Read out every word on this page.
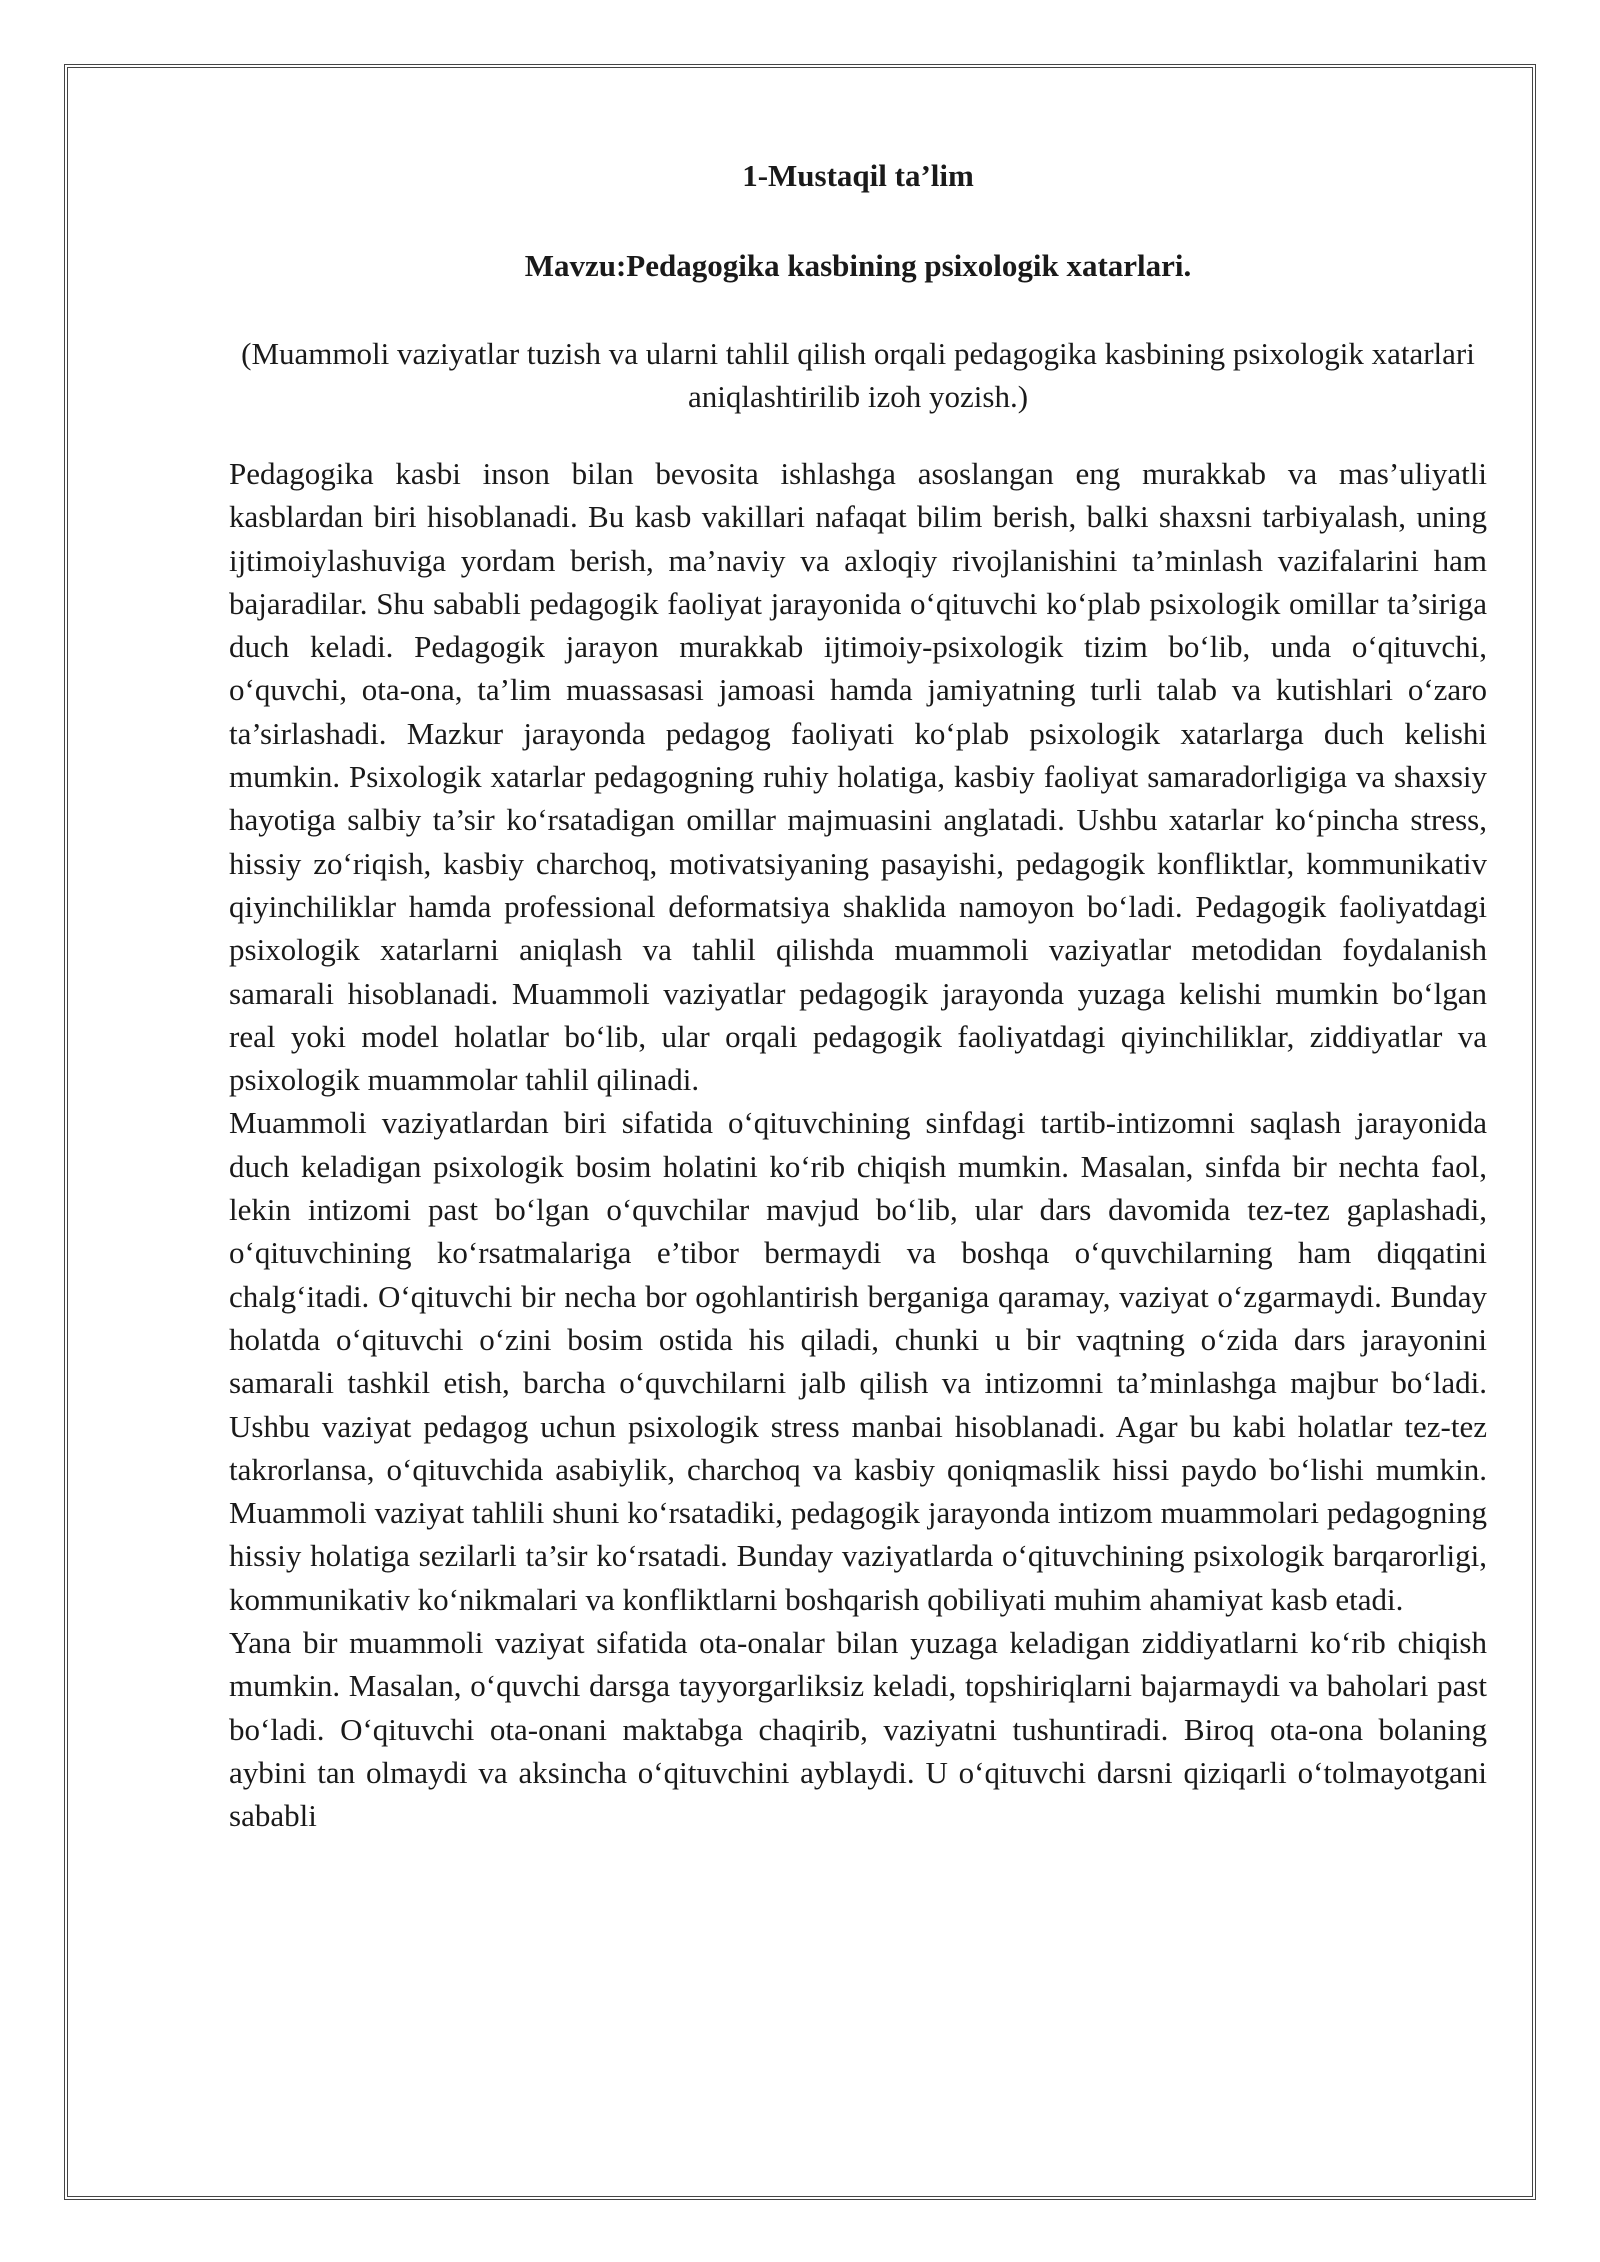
1-Mustaqil ta’lim
Mavzu:Pedagogika kasbining psixologik xatarlari.
(Muammoli vaziyatlar tuzish va ularni tahlil qilish orqali pedagogika kasbining psixologik xatarlari aniqlashtirilib izoh yozish.)

Pedagogika kasbi inson bilan bevosita ishlashga asoslangan eng murakkab va mas’uliyatli kasblardan biri hisoblanadi. Bu kasb vakillari nafaqat bilim berish, balki shaxsni tarbiyalash, uning ijtimoiylashuviga yordam berish, ma’naviy va axloqiy rivojlanishini ta’minlash vazifalarini ham bajaradilar. Shu sababli pedagogik faoliyat jarayonida o‘qituvchi ko‘plab psixologik omillar ta’siriga duch keladi. Pedagogik jarayon murakkab ijtimoiy-psixologik tizim bo‘lib, unda o‘qituvchi, o‘quvchi, ota-ona, ta’lim muassasasi jamoasi hamda jamiyatning turli talab va kutishlari o‘zaro ta’sirlashadi. Mazkur jarayonda pedagog faoliyati ko‘plab psixologik xatarlarga duch kelishi mumkin. Psixologik xatarlar pedagogning ruhiy holatiga, kasbiy faoliyat samaradorligiga va shaxsiy hayotiga salbiy ta’sir ko‘rsatadigan omillar majmuasini anglatadi. Ushbu xatarlar ko‘pincha stress, hissiy zo‘riqish, kasbiy charchoq, motivatsiyaning pasayishi, pedagogik konfliktlar, kommunikativ qiyinchiliklar hamda professional deformatsiya shaklida namoyon bo‘ladi. Pedagogik faoliyatdagi psixologik xatarlarni aniqlash va tahlil qilishda muammoli vaziyatlar metodidan foydalanish samarali hisoblanadi. Muammoli vaziyatlar pedagogik jarayonda yuzaga kelishi mumkin bo‘lgan real yoki model holatlar bo‘lib, ular orqali pedagogik faoliyatdagi qiyinchiliklar, ziddiyatlar va psixologik muammolar tahlil qilinadi.

Muammoli vaziyatlardan biri sifatida o‘qituvchining sinfdagi tartib-intizomni saqlash jarayonida duch keladigan psixologik bosim holatini ko‘rib chiqish mumkin. Masalan, sinfda bir nechta faol, lekin intizomi past bo‘lgan o‘quvchilar mavjud bo‘lib, ular dars davomida tez-tez gaplashadi, o‘qituvchining ko‘rsatmalariga e’tibor bermaydi va boshqa o‘quvchilarning ham diqqatini chalg‘itadi. O‘qituvchi bir necha bor ogohlantirish berganiga qaramay, vaziyat o‘zgarmaydi. Bunday holatda o‘qituvchi o‘zini bosim ostida his qiladi, chunki u bir vaqtning o‘zida dars jarayonini samarali tashkil etish, barcha o‘quvchilarni jalb qilish va intizomni ta’minlashga majbur bo‘ladi. Ushbu vaziyat pedagog uchun psixologik stress manbai hisoblanadi. Agar bu kabi holatlar tez-tez takrorlansa, o‘qituvchida asabiylik, charchoq va kasbiy qoniqmaslik hissi paydo bo‘lishi mumkin. Muammoli vaziyat tahlili shuni ko‘rsatadiki, pedagogik jarayonda intizom muammolari pedagogning hissiy holatiga sezilarli ta’sir ko‘rsatadi. Bunday vaziyatlarda o‘qituvchining psixologik barqarorligi, kommunikativ ko‘nikmalari va konfliktlarni boshqarish qobiliyati muhim ahamiyat kasb etadi.

Yana bir muammoli vaziyat sifatida ota-onalar bilan yuzaga keladigan ziddiyatlarni ko‘rib chiqish mumkin. Masalan, o‘quvchi darsga tayyorgarliksiz keladi, topshiriqlarni bajarmaydi va baholari past bo‘ladi. O‘qituvchi ota-onani maktabga chaqirib, vaziyatni tushuntiradi. Biroq ota-ona bolaning aybini tan olmaydi va aksincha o‘qituvchini ayblaydi. U o‘qituvchi darsni qiziqarli o‘tolmayotgani sababli
